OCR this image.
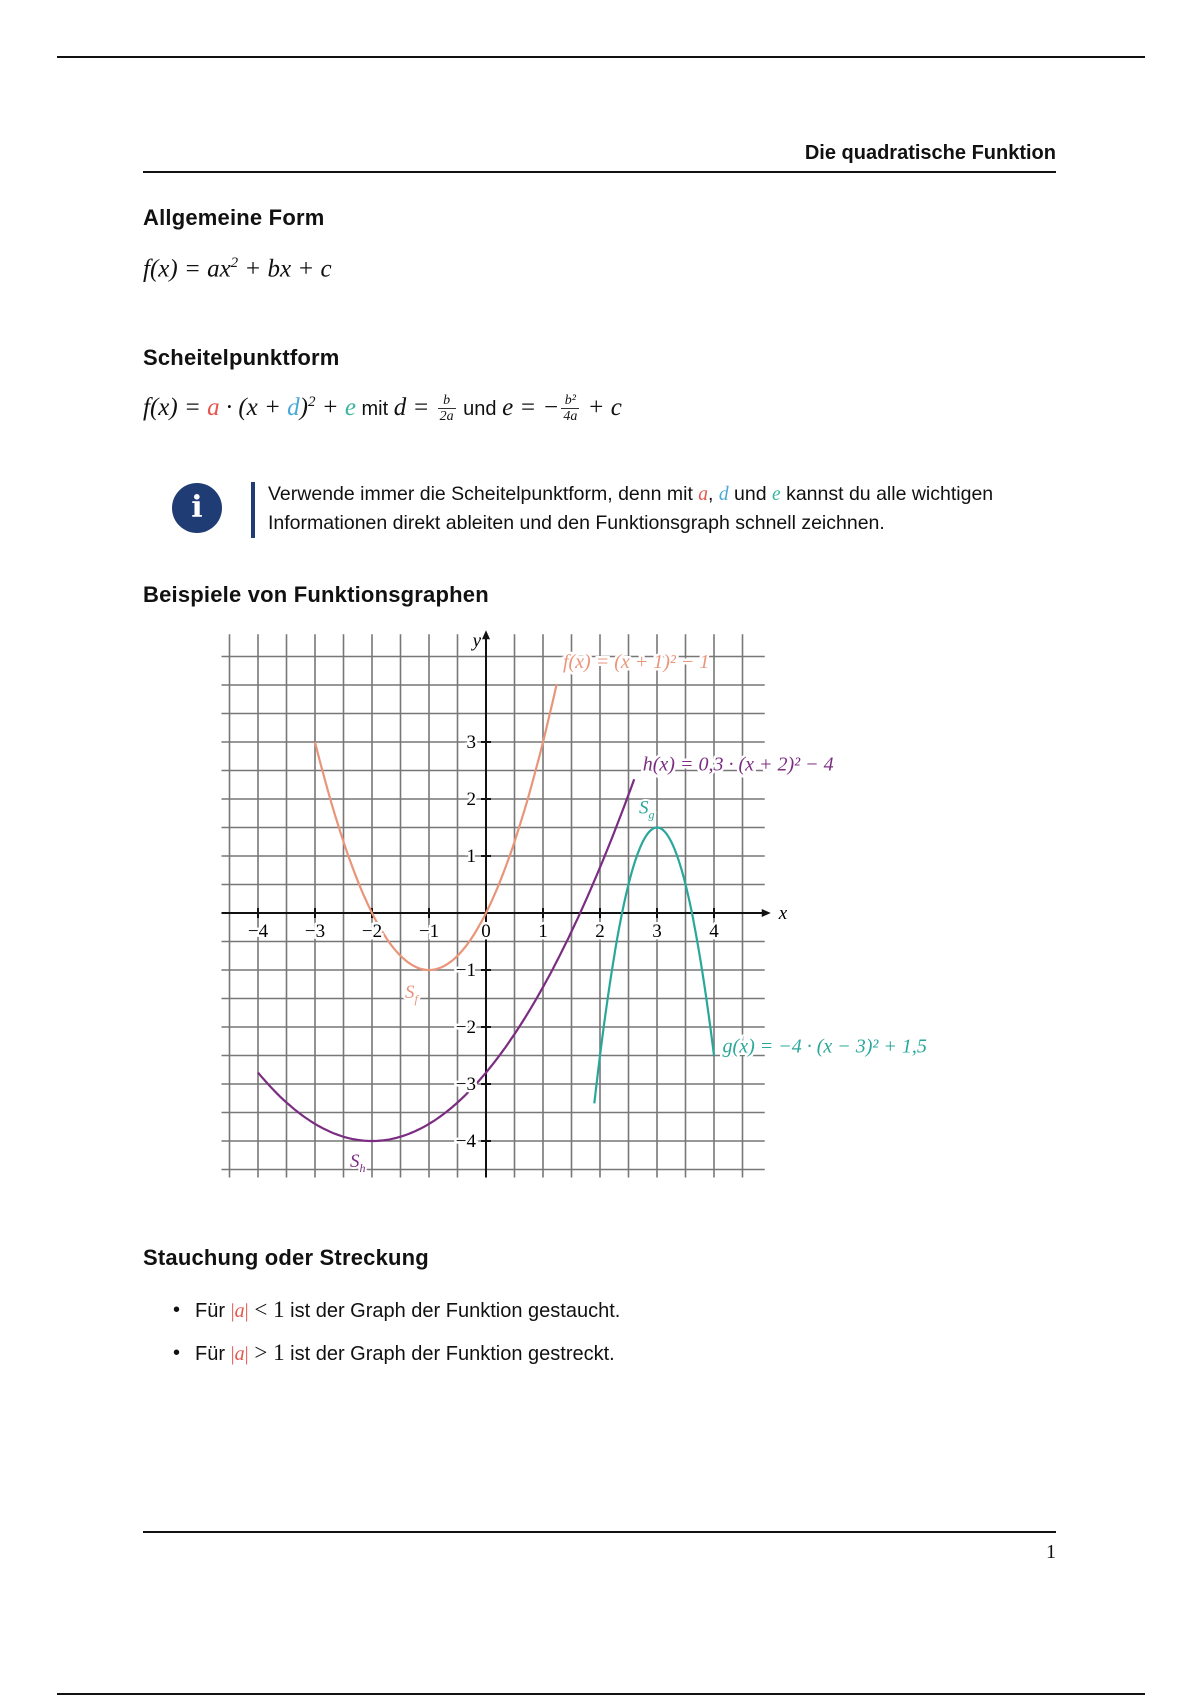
Die quadratische Funktion
Allgemeine Form
$f(x) = ax^2$ + bx + c
Scheitelpunktform
$f(x) = a \cdot (x + d)^2 + e$ mit $d = \frac{b}{2a}$ und e = − $\frac{\text{b²}}{4a} + c$
i	Verwende immer die Scheitelpunktform, denn mit a, d und e kannst du alle wichtigen Informationen direkt ableiten und den Funktionsgraph schnell zeichnen.
Beispiele von Funktionsgraphen
x
y
−4 −3 −2 −1 0	1	2	3	4
−4
−3
−2
−1
1
2
3
f(x) = (x + 1)² − 1
$S_f$
h(x) = 0,3 · (x + 2)² − 4
$S_h$
g(x) = −4 · (x − 3)² + 1,5
$S_g$
Stauchung oder Streckung
• Für |a| < 1 ist der Graph der Funktion gestaucht.
• Für |a| > 1 ist der Graph der Funktion gestreckt.
1
